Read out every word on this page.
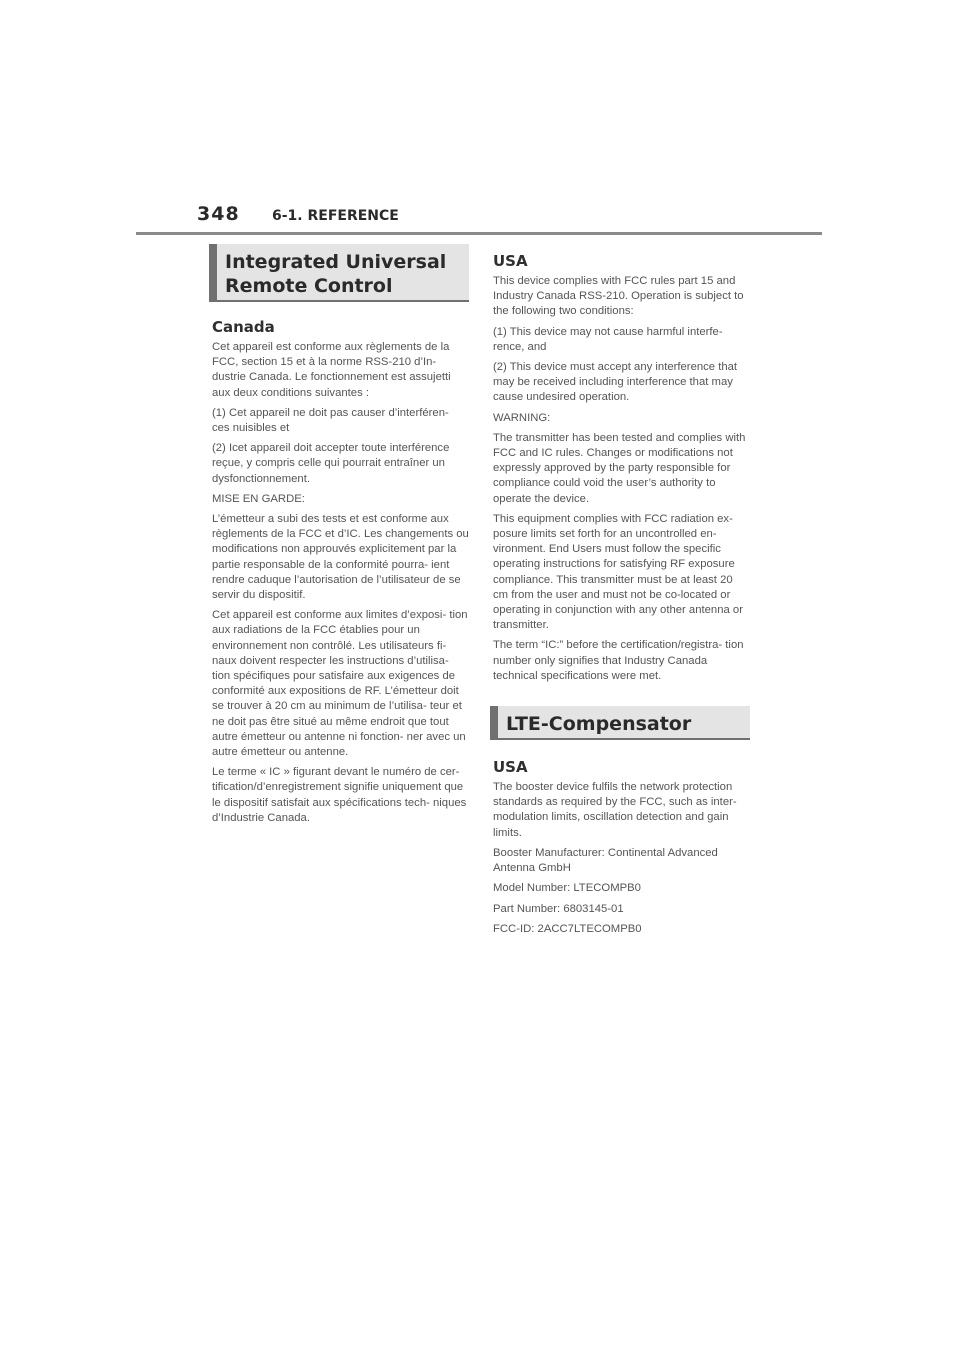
348 6-1. REFERENCE
Integrated Universal
Remote Control
Canada

Cet appareil est conforme aux règlements de la FCC, section 15 et à la norme RSS-210 d’In- dustrie Canada. Le fonctionnement est assujetti aux deux conditions suivantes :

(1) Cet appareil ne doit pas causer d’interféren- ces nuisibles et

(2) Icet appareil doit accepter toute interférence reçue, y compris celle qui pourrait entraîner un dysfonctionnement.

MISE EN GARDE:

L’émetteur a subi des tests et est conforme aux règlements de la FCC et d’IC. Les changements ou modifications non approuvés explicitement par la partie responsable de la conformité pourra- ient rendre caduque l’autorisation de l’utilisateur de se servir du dispositif.

Cet appareil est conforme aux limites d’exposi- tion aux radiations de la FCC établies pour un environnement non contrôlé. Les utilisateurs fi- naux doivent respecter les instructions d’utilisa- tion spécifiques pour satisfaire aux exigences de conformité aux expositions de RF. L’émetteur doit se trouver à 20 cm au minimum de l’utilisa- teur et ne doit pas être situé au même endroit que tout autre émetteur ou antenne ni fonction- ner avec un autre émetteur ou antenne.

Le terme « IC » figurant devant le numéro de cer- tification/d’enregistrement signifie uniquement que le dispositif satisfait aux spécifications tech- niques d’Industrie Canada.

USA

This device complies with FCC rules part 15 and Industry Canada RSS-210. Operation is subject to the following two conditions:

(1) This device may not cause harmful interfe- rence, and

(2) This device must accept any interference that may be received including interference that may cause undesired operation.

WARNING:

The transmitter has been tested and complies with FCC and IC rules. Changes or modifications not expressly approved by the party responsible for compliance could void the user’s authority to operate the device.

This equipment complies with FCC radiation ex- posure limits set forth for an uncontrolled en- vironment. End Users must follow the specific operating instructions for satisfying RF exposure compliance. This transmitter must be at least 20 cm from the user and must not be co-located or operating in conjunction with any other antenna or transmitter.

The term “IC:” before the certification/registra- tion number only signifies that Industry Canada technical specifications were met.

LTE-Compensator
USA

The booster device fulfils the network protection standards as required by the FCC, such as inter- modulation limits, oscillation detection and gain limits.

Booster Manufacturer: Continental Advanced Antenna GmbH

Model Number: LTECOMPB0

Part Number: 6803145-01

FCC-ID: 2ACC7LTECOMPB0
